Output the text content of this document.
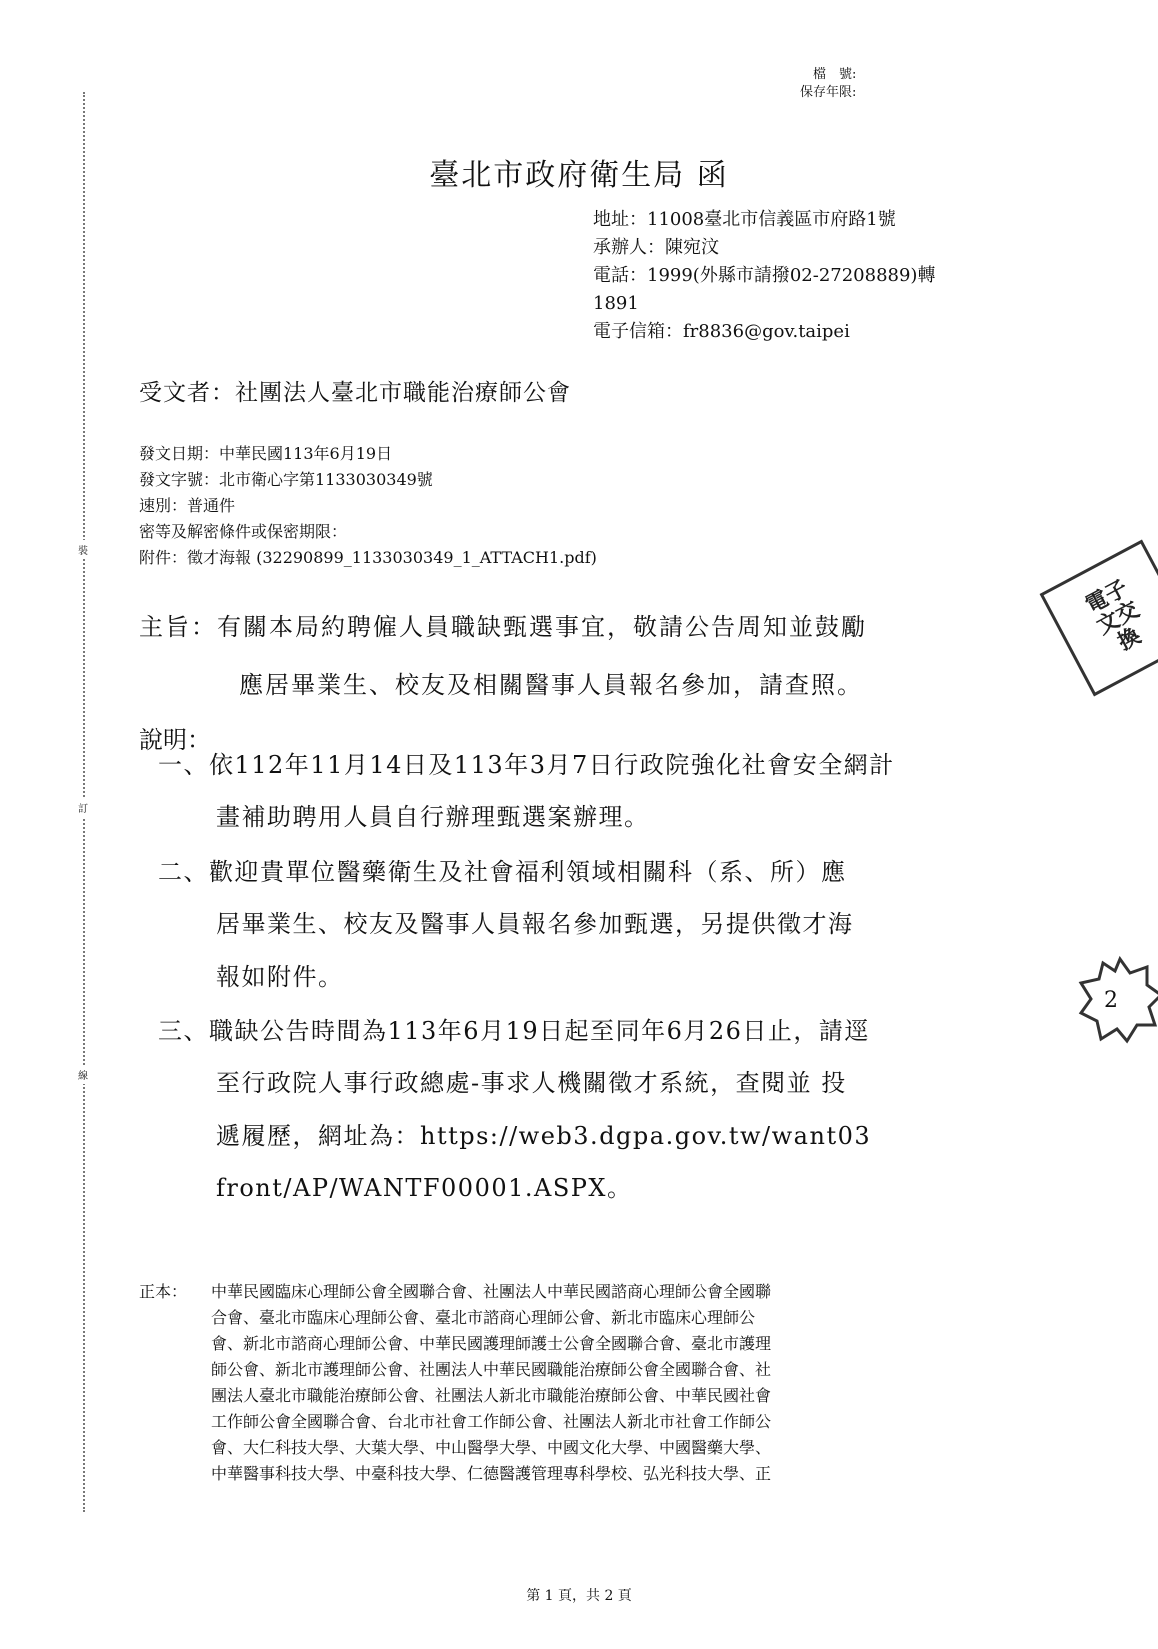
檔　號:
保存年限:
裝
訂
線
臺北市政府衛生局 函
地址：11008臺北市信義區市府路1號
承辦人：陳宛汶
電話：1999(外縣市請撥02-27208889)轉
1891
電子信箱：fr8836@gov.taipei
受文者：社團法人臺北市職能治療師公會
發文日期：中華民國113年6月19日
發文字號：北市衛心字第1133030349號
速別：普通件
密等及解密條件或保密期限：
附件：徵才海報 (32290899_1133030349_1_ATTACH1.pdf)
主旨：有關本局約聘僱人員職缺甄選事宜，敬請公告周知並鼓勵
應居畢業生、校友及相關醫事人員報名參加，請查照。
說明：
一、依112年11月14日及113年3月7日行政院強化社會安全網計
畫補助聘用人員自行辦理甄選案辦理。
二、歡迎貴單位醫藥衛生及社會福利領域相關科（系、所）應
居畢業生、校友及醫事人員報名參加甄選，另提供徵才海
報如附件。
三、職缺公告時間為113年6月19日起至同年6月26日止，請逕
至行政院人事行政總處-事求人機關徵才系統，查閱並 投
遞履歷，網址為：https://web3.dgpa.gov.tw/want03
front/AP/WANTF00001.ASPX。
正本： 中華民國臨床心理師公會全國聯合會、社團法人中華民國諮商心理師公會全國聯
合會、臺北市臨床心理師公會、臺北市諮商心理師公會、新北市臨床心理師公
會、新北市諮商心理師公會、中華民國護理師護士公會全國聯合會、臺北市護理
師公會、新北市護理師公會、社團法人中華民國職能治療師公會全國聯合會、社
團法人臺北市職能治療師公會、社團法人新北市職能治療師公會、中華民國社會
工作師公會全國聯合會、台北市社會工作師公會、社團法人新北市社會工作師公
會、大仁科技大學、大葉大學、中山醫學大學、中國文化大學、中國醫藥大學、
中華醫事科技大學、中臺科技大學、仁德醫護管理專科學校、弘光科技大學、正
電子
文交
換
2
第 1 頁，共 2 頁
